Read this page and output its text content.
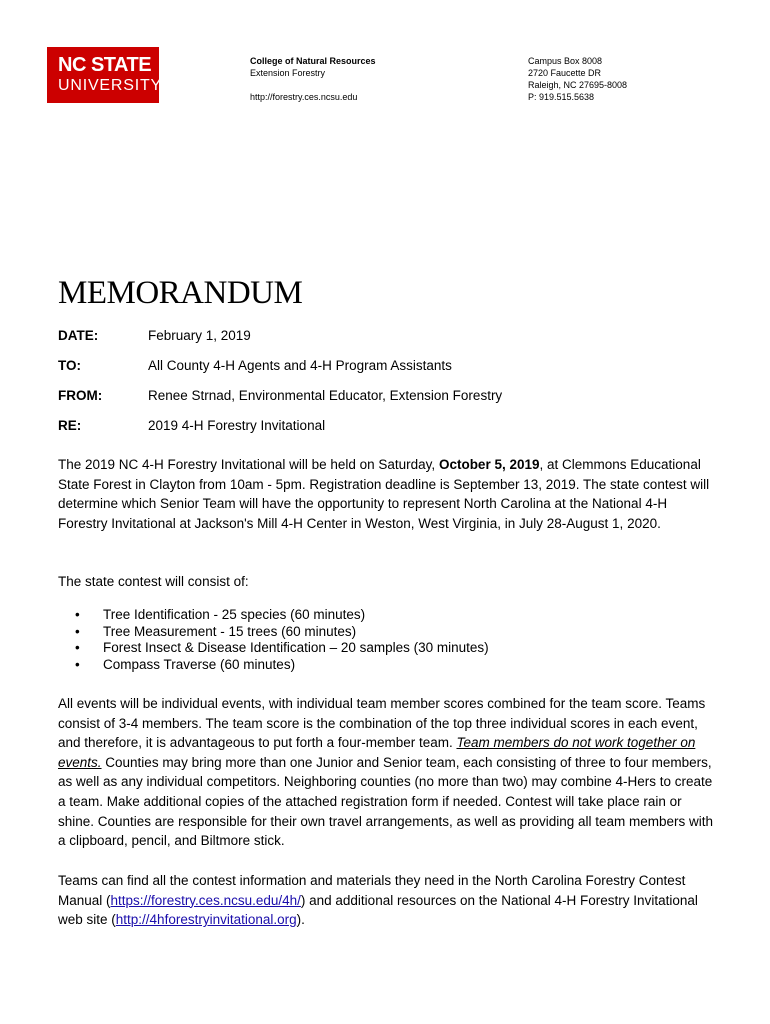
NC STATE
UNIVERSITY
College of Natural Resources
Extension Forestry
http://forestry.ces.ncsu.edu
Campus Box 8008
2720 Faucette DR
Raleigh, NC 27695-8008
P: 919.515.5638
MEMORANDUM
DATE:	February 1, 2019
TO:	All County 4-H Agents and 4-H Program Assistants
FROM:	Renee Strnad, Environmental Educator, Extension Forestry
RE:	2019 4-H Forestry Invitational
The 2019 NC 4-H Forestry Invitational will be held on Saturday, October 5, 2019, at Clemmons Educational State Forest in Clayton from 10am - 5pm. Registration deadline is September 13, 2019. The state contest will determine which Senior Team will have the opportunity to represent North Carolina at the National 4-H Forestry Invitational at Jackson's Mill 4-H Center in Weston, West Virginia, in July 28-August 1, 2020.
The state contest will consist of:
• Tree Identification - 25 species (60 minutes)
• Tree Measurement - 15 trees (60 minutes)
• Forest Insect & Disease Identification – 20 samples (30 minutes)
• Compass Traverse (60 minutes)
All events will be individual events, with individual team member scores combined for the team score. Teams consist of 3-4 members. The team score is the combination of the top three individual scores in each event, and therefore, it is advantageous to put forth a four-member team. Team members do not work together on events. Counties may bring more than one Junior and Senior team, each consisting of three to four members, as well as any individual competitors. Neighboring counties (no more than two) may combine 4-Hers to create a team. Make additional copies of the attached registration form if needed. Contest will take place rain or shine. Counties are responsible for their own travel arrangements, as well as providing all team members with a clipboard, pencil, and Biltmore stick.
Teams can find all the contest information and materials they need in the North Carolina Forestry Contest Manual (https://forestry.ces.ncsu.edu/4h/) and additional resources on the National 4-H Forestry Invitational web site (http://4hforestryinvitational.org).
